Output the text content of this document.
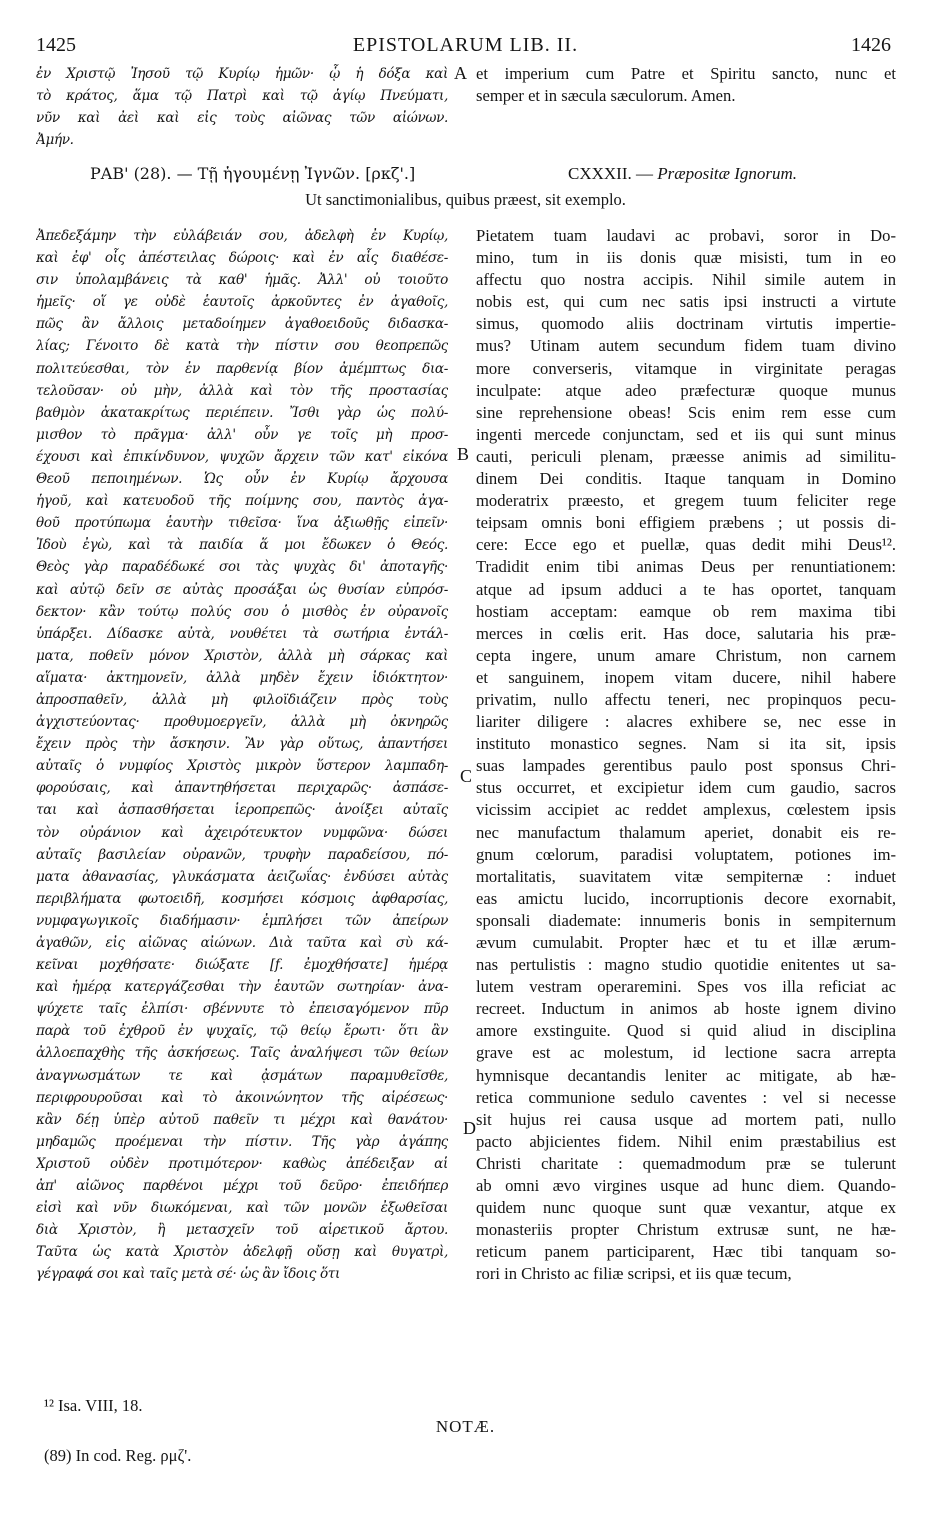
1425	EPISTOLARUM LIB. II.	1426
A
B
C
D
ἐν Χριστῷ Ἰησοῦ τῷ Κυρίῳ ἡμῶν· ᾧ ἡ δόξα καὶ
τὸ κράτος, ἅμα τῷ Πατρὶ καὶ τῷ ἁγίῳ Πνεύματι,
νῦν καὶ ἀεὶ καὶ εἰς τοὺς αἰῶνας τῶν αἰώνων.
Ἀμήν.
et imperium cum Patre et Spiritu sancto, nunc et
semper et in sæcula sæculorum. Amen.
ΡΑΒ' (28). — Τῇ ἡγουμένῃ Ἰγνῶν. [ρκζ'.]	CXXXII. — Præpositæ Ignorum.
Ut sanctimonialibus, quibus præest, sit exemplo.
Ἀπεδεξάμην τὴν εὐλάβειάν σου, ἀδελφὴ ἐν Κυρίῳ,
καὶ ἐφ' οἷς ἀπέστειλας δώροις· καὶ ἐν αἷς διαθέσε-
σιν ὑπολαμβάνεις τὰ καθ' ἡμᾶς. Ἀλλ' οὐ τοιοῦτο
ἡμεῖς· οἵ γε οὐδὲ ἑαυτοῖς ἀρκοῦντες ἐν ἀγαθοῖς,
πῶς ἂν ἄλλοις μεταδοίημεν ἀγαθοειδοῦς διδασκα-
λίας; Γένοιτο δὲ κατὰ τὴν πίστιν σου θεοπρεπῶς
πολιτεύεσθαι, τὸν ἐν παρθενίᾳ βίον ἀμέμπτως δια-
τελοῦσαν· οὐ μὴν, ἀλλὰ καὶ τὸν τῆς προστασίας
βαθμὸν ἀκατακρίτως περιέπειν. Ἴσθι γὰρ ὡς πολύ-
μισθον τὸ πρᾶγμα· ἀλλ' οὖν γε τοῖς μὴ προσ-
έχουσι καὶ ἐπικίνδυνον, ψυχῶν ἄρχειν τῶν κατ' εἰκόνα
Θεοῦ πεποιημένων. Ὡς οὖν ἐν Κυρίῳ ἄρχουσα
ἡγοῦ, καὶ κατευοδοῦ τῆς ποίμνης σου, παντὸς ἀγα-
θοῦ προτύπωμα ἑαυτὴν τιθεῖσα· ἵνα ἀξιωθῇς εἰπεῖν·
Ἰδοὺ ἐγὼ, καὶ τὰ παιδία ἅ μοι ἔδωκεν ὁ Θεός.
Θεὸς γὰρ παραδέδωκέ σοι τὰς ψυχὰς δι' ἀποταγῆς·
καὶ αὐτῷ δεῖν σε αὐτὰς προσάξαι ὡς θυσίαν εὐπρόσ-
δεκτον· κἂν τούτῳ πολύς σου ὁ μισθὸς ἐν οὐρανοῖς
ὑπάρξει. Δίδασκε αὐτὰ, νουθέτει τὰ σωτήρια ἐντάλ-
ματα, ποθεῖν μόνον Χριστὸν, ἀλλὰ μὴ σάρκας καὶ
αἵματα· ἀκτημονεῖν, ἀλλὰ μηδὲν ἔχειν ἰδιόκτητον·
ἀπροσπαθεῖν, ἀλλὰ μὴ φιλοϊδιάζειν πρὸς τοὺς
ἀγχιστεύοντας· προθυμοεργεῖν, ἀλλὰ μὴ ὀκνηρῶς
ἔχειν πρὸς τὴν ἄσκησιν. Ἂν γὰρ οὕτως, ἀπαντήσει
αὐταῖς ὁ νυμφίος Χριστὸς μικρὸν ὕστερον λαμπαδη-
φορούσαις, καὶ ἀπαντηθήσεται περιχαρῶς· ἀσπάσε-
ται καὶ ἀσπασθήσεται ἱεροπρεπῶς· ἀνοίξει αὐταῖς
τὸν οὐράνιον καὶ ἀχειρότευκτον νυμφῶνα· δώσει
αὐταῖς βασιλείαν οὐρανῶν, τρυφὴν παραδείσου, πό-
ματα ἀθανασίας, γλυκάσματα ἀειζωΐας· ἐνδύσει αὐτὰς
περιβλήματα φωτοειδῆ, κοσμήσει κόσμοις ἀφθαρσίας,
νυμφαγωγικοῖς διαδήμασιν· ἐμπλήσει τῶν ἀπείρων
ἀγαθῶν, εἰς αἰῶνας αἰώνων. Διὰ ταῦτα καὶ σὺ κά-
κεῖναι μοχθήσατε· διώξατε [f. ἐμοχθήσατε] ἡμέρᾳ
καὶ ἡμέρᾳ κατεργάζεσθαι τὴν ἑαυτῶν σωτηρίαν· ἀνα-
ψύχετε ταῖς ἐλπίσι· σβέννυτε τὸ ἐπεισαγόμενον πῦρ
παρὰ τοῦ ἐχθροῦ ἐν ψυχαῖς, τῷ θείῳ ἔρωτι· ὅτι ἂν
ἀλλοεπαχθὴς τῆς ἀσκήσεως. Ταῖς ἀναλήψεσι τῶν θείων
ἀναγνωσμάτων τε καὶ ᾀσμάτων παραμυθεῖσθε,
περιφρουροῦσαι καὶ τὸ ἀκοινώνητον τῆς αἱρέσεως·
κἂν δέῃ ὑπὲρ αὐτοῦ παθεῖν τι μέχρι καὶ θανάτου·
μηδαμῶς προέμεναι τὴν πίστιν. Τῆς γὰρ ἀγάπης
Χριστοῦ οὐδὲν προτιμότερον· καθὼς ἀπέδειξαν αἱ
ἀπ' αἰῶνος παρθένοι μέχρι τοῦ δεῦρο· ἐπειδήπερ
εἰσὶ καὶ νῦν διωκόμεναι, καὶ τῶν μονῶν ἐξωθεῖσαι
διὰ Χριστὸν, ἢ μετασχεῖν τοῦ αἱρετικοῦ ἄρτου.
Ταῦτα ὡς κατὰ Χριστὸν ἀδελφῇ οὔσῃ καὶ θυγατρὶ,
γέγραφά σοι καὶ ταῖς μετὰ σέ· ὡς ἂν ἴδοις ὅτι
Pietatem tuam laudavi ac probavi, soror in Do-
mino, tum in iis donis quæ misisti, tum in eo
affectu quo nostra accipis. Nihil simile autem in
nobis est, qui cum nec satis ipsi instructi a virtute
simus, quomodo aliis doctrinam virtutis impertie-
mus? Utinam autem secundum fidem tuam divino
more converseris, vitamque in virginitate peragas
inculpate: atque adeo præfecturæ quoque munus
sine reprehensione obeas! Scis enim rem esse cum
ingenti mercede conjunctam, sed et iis qui sunt minus
cauti, periculi plenam, præesse animis ad similitu-
dinem Dei conditis. Itaque tanquam in Domino
moderatrix præesto, et gregem tuum feliciter rege
teipsam omnis boni effigiem præbens ; ut possis di-
cere: Ecce ego et puellæ, quas dedit mihi Deus¹².
Tradidit enim tibi animas Deus per renuntiationem:
atque ad ipsum adduci a te has oportet, tanquam
hostiam acceptam: eamque ob rem maxima tibi
merces in cœlis erit. Has doce, salutaria his præ-
cepta ingere, unum amare Christum, non carnem
et sanguinem, inopem vitam ducere, nihil habere
privatim, nullo affectu teneri, nec propinquos pecu-
liariter diligere : alacres exhibere se, nec esse in
instituto monastico segnes. Nam si ita sit, ipsis
suas lampades gerentibus paulo post sponsus Chri-
stus occurret, et excipietur idem cum gaudio, sacros
vicissim accipiet ac reddet amplexus, cœlestem ipsis
nec manufactum thalamum aperiet, donabit eis re-
gnum cœlorum, paradisi voluptatem, potiones im-
mortalitatis, suavitatem vitæ sempiternæ : induet
eas amictu lucido, incorruptionis decore exornabit,
sponsali diademate: innumeris bonis in sempiternum
ævum cumulabit. Propter hæc et tu et illæ ærum-
nas pertulistis : magno studio quotidie enitentes ut sa-
lutem vestram operaremini. Spes vos illa reficiat ac
recreet. Inductum in animos ab hoste ignem divino
amore exstinguite. Quod si quid aliud in disciplina
grave est ac molestum, id lectione sacra arrepta
hymnisque decantandis leniter ac mitigate, ab hæ-
retica communione sedulo caventes : vel si necesse
sit hujus rei causa usque ad mortem pati, nullo
pacto abjicientes fidem. Nihil enim præstabilius est
Christi charitate : quemadmodum præ se tulerunt
ab omni ævo virgines usque ad hunc diem. Quando-
quidem nunc quoque sunt quæ vexantur, atque ex
monasteriis propter Christum extrusæ sunt, ne hæ-
reticum panem participarent, Hæc tibi tanquam so-
rori in Christo ac filiæ scripsi, et iis quæ tecum,
¹² Isa. VIII, 18.
NOTÆ.
(89) In cod. Reg. ρμζ'.
